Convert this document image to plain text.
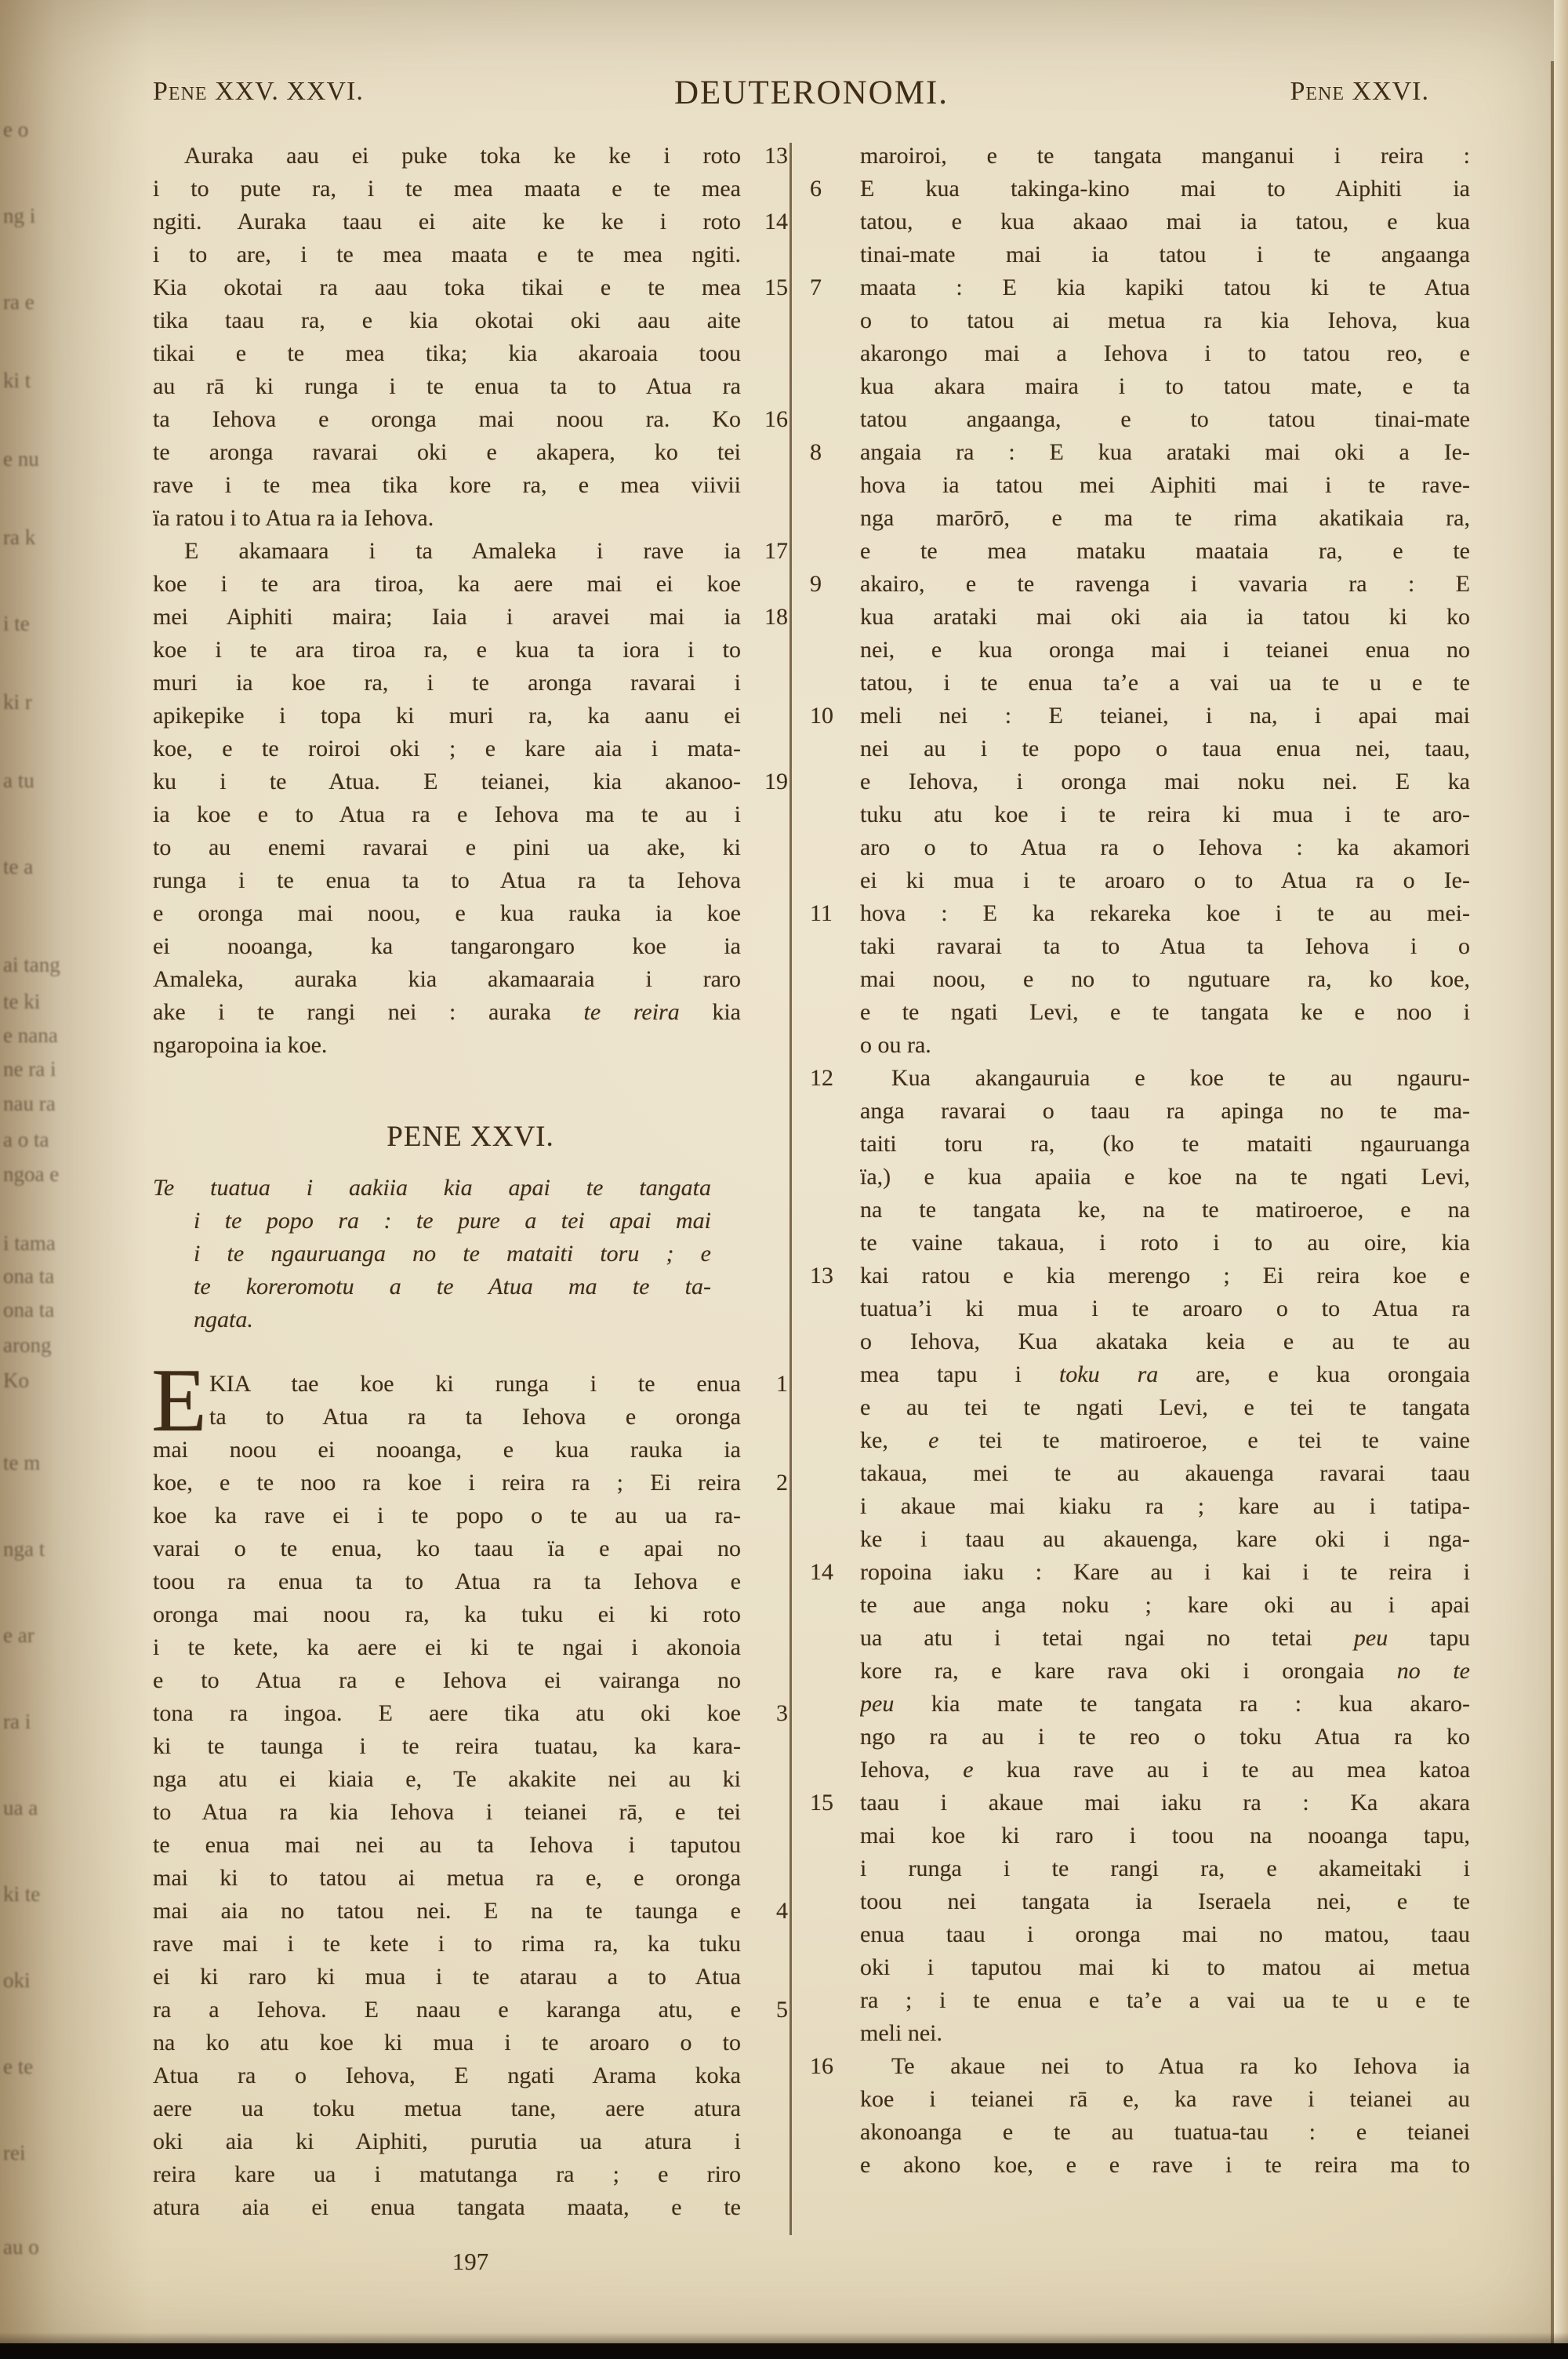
e o
ng i
ra e
ki t
e nu
ra k
i te
ki r
a tu
te a
ai tang
te ki
e nana
ne ra i
nau ra
a o ta
ngoa e
i tama
ona ta
ona ta
arong
Ko
te m
nga t
e ar
ra i
ua a
ki te
oki
e te
rei
au o
Pene XXV. XXVI.	DEUTERONOMI.	Pene XXVI.
Auraka aau ei puke toka ke ke i roto	13
i to pute ra, i te mea maata e te mea
ngiti. Auraka taau ei aite ke ke i roto	14
i to are, i te mea maata e te mea ngiti.
Kia okotai ra aau toka tikai e te mea	15
tika taau ra, e kia okotai oki aau aite
tikai e te mea tika; kia akaroaia toou
au rā ki runga i te enua ta to Atua ra
ta Iehova e oronga mai noou ra. Ko	16
te aronga ravarai oki e akapera, ko tei
rave i te mea tika kore ra, e mea viivii
ïa ratou i to Atua ra ia Iehova.
E akamaara i ta Amaleka i rave ia	17
koe i te ara tiroa, ka aere mai ei koe
mei Aiphiti maira; Iaia i aravei mai ia	18
koe i te ara tiroa ra, e kua ta iora i to
muri ia koe ra, i te aronga ravarai i
apikepike i topa ki muri ra, ka aanu ei
koe, e te roiroi oki ; e kare aia i mata-
ku i te Atua. E teianei, kia akanoo-	19
ia koe e to Atua ra e Iehova ma te au i
to au enemi ravarai e pini ua ake, ki
runga i te enua ta to Atua ra ta Iehova
e oronga mai noou, e kua rauka ia koe
ei nooanga, ka tangarongaro koe ia
Amaleka, auraka kia akamaaraia i raro
ake i te rangi nei : auraka te reira kia
ngaropoina ia koe.
PENE XXVI.
Te tuatua i aakiia kia apai te tangata
i te popo ra : te pure a tei apai mai
i te ngauruanga no te mataiti toru ; e
te koreromotu a te Atua ma te ta-
ngata.
E KIA tae koe ki runga i te enua	1
ta to Atua ra ta Iehova e oronga
mai noou ei nooanga, e kua rauka ia
koe, e te noo ra koe i reira ra ; Ei reira	2
koe ka rave ei i te popo o te au ua ra-
varai o te enua, ko taau ïa e apai no
toou ra enua ta to Atua ra ta Iehova e
oronga mai noou ra, ka tuku ei ki roto
i te kete, ka aere ei ki te ngai i akonoia
e to Atua ra e Iehova ei vairanga no
tona ra ingoa. E aere tika atu oki koe	3
ki te taunga i te reira tuatau, ka kara-
nga atu ei kiaia e, Te akakite nei au ki
to Atua ra kia Iehova i teianei rā, e tei
te enua mai nei au ta Iehova i taputou
mai ki to tatou ai metua ra e, e oronga
mai aia no tatou nei. E na te taunga e	4
rave mai i te kete i to rima ra, ka tuku
ei ki raro ki mua i te atarau a to Atua
ra a Iehova. E naau e karanga atu, e	5
na ko atu koe ki mua i te aroaro o to
Atua ra o Iehova, E ngati Arama koka
aere ua toku metua tane, aere atura
oki aia ki Aiphiti, purutia ua atura i
reira kare ua i matutanga ra ; e riro
atura aia ei enua tangata maata, e te
maroiroi, e te tangata manganui i reira :
6	E kua takinga-kino mai to Aiphiti ia
tatou, e kua akaao mai ia tatou, e kua
tinai-mate mai ia tatou i te angaanga
7	maata : E kia kapiki tatou ki te Atua
o to tatou ai metua ra kia Iehova, kua
akarongo mai a Iehova i to tatou reo, e
kua akara maira i to tatou mate, e ta
tatou angaanga, e to tatou tinai-mate
8	angaia ra : E kua arataki mai oki a Ie-
hova ia tatou mei Aiphiti mai i te rave-
nga marōrō, e ma te rima akatikaia ra,
e te mea mataku maataia ra, e te
9	akairo, e te ravenga i vavaria ra : E
kua arataki mai oki aia ia tatou ki ko
nei, e kua oronga mai i teianei enua no
tatou, i te enua ta’e a vai ua te u e te
10	meli nei : E teianei, i na, i apai mai
nei au i te popo o taua enua nei, taau,
e Iehova, i oronga mai noku nei. E ka
tuku atu koe i te reira ki mua i te aro-
aro o to Atua ra o Iehova : ka akamori
ei ki mua i te aroaro o to Atua ra o Ie-
11	hova : E ka rekareka koe i te au mei-
taki ravarai ta to Atua ta Iehova i o
mai noou, e no to ngutuare ra, ko koe,
e te ngati Levi, e te tangata ke e noo i
o ou ra.
12	Kua akangauruia e koe te au ngauru-
anga ravarai o taau ra apinga no te ma-
taiti toru ra, (ko te mataiti ngauruanga
ïa,) e kua apaiia e koe na te ngati Levi,
na te tangata ke, na te matiroeroe, e na
te vaine takaua, i roto i to au oire, kia
13	kai ratou e kia merengo ; Ei reira koe e
tuatua’i ki mua i te aroaro o to Atua ra
o Iehova, Kua akataka keia e au te au
mea tapu i toku ra are, e kua orongaia
e au tei te ngati Levi, e tei te tangata
ke, e tei te matiroeroe, e tei te vaine
takaua, mei te au akauenga ravarai taau
i akaue mai kiaku ra ; kare au i tatipa-
ke i taau au akauenga, kare oki i nga-
14	ropoina iaku : Kare au i kai i te reira i
te aue anga noku ; kare oki au i apai
ua atu i tetai ngai no tetai peu tapu
kore ra, e kare rava oki i orongaia no te
peu kia mate te tangata ra : kua akaro-
ngo ra au i te reo o toku Atua ra ko
Iehova, e kua rave au i te au mea katoa
15	taau i akaue mai iaku ra : Ka akara
mai koe ki raro i toou na nooanga tapu,
i runga i te rangi ra, e akameitaki i
toou nei tangata ia Iseraela nei, e te
enua taau i oronga mai no matou, taau
oki i taputou mai ki to matou ai metua
ra ; i te enua e ta’e a vai ua te u e te
meli nei.
16	Te akaue nei to Atua ra ko Iehova ia
koe i teianei rā e, ka rave i teianei au
akonoanga e te au tuatua-tau : e teianei
e akono koe, e e rave i te reira ma to
197
